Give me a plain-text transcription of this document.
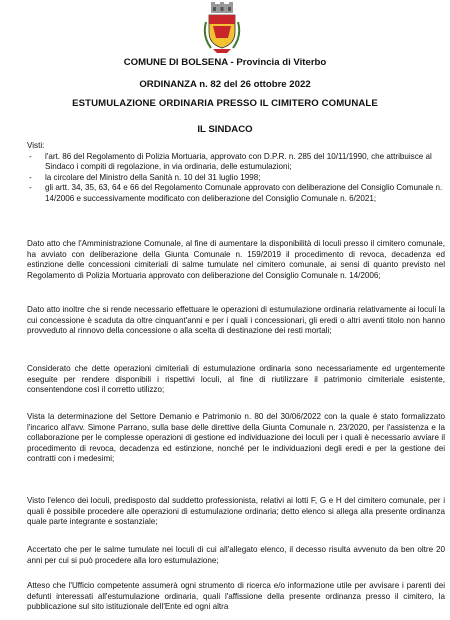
COMUNE DI BOLSENA - Provincia di Viterbo
ORDINANZA n. 82 del 26 ottobre 2022
ESTUMULAZIONE ORDINARIA PRESSO IL CIMITERO COMUNALE
IL SINDACO

Visti:

- l'art. 86 del Regolamento di Polizia Mortuaria, approvato con D.P.R. n. 285 del 10/11/1990, che attribuisce al Sindaco i compiti di regolazione, in via ordinaria, delle estumulazioni;
- la circolare del Ministro della Sanità n. 10 del 31 luglio 1998;
- gli artt. 34, 35, 63, 64 e 66 del Regolamento Comunale approvato con deliberazione del Consiglio Comunale n. 14/2006 e successivamente modificato con deliberazione del Consiglio Comunale n. 6/2021;

Dato atto che l'Amministrazione Comunale, al fine di aumentare la disponibilità di loculi presso il cimitero comunale, ha avviato con deliberazione della Giunta Comunale n. 159/2019 il procedimento di revoca, decadenza ed estinzione delle concessioni cimiteriali di salme tumulate nel cimitero comunale, ai sensi di quanto previsto nel Regolamento di Polizia Mortuaria approvato con deliberazione del Consiglio Comunale n. 14/2006;

Dato atto inoltre che si rende necessario effettuare le operazioni di estumulazione ordinaria relativamente ai loculi la cui concessione è scaduta da oltre cinquant'anni e per i quali i concessionari, gli eredi o altri aventi titolo non hanno provveduto al rinnovo della concessione o alla scelta di destinazione dei resti mortali;

Considerato che dette operazioni cimiteriali di estumulazione ordinaria sono necessariamente ed urgentemente eseguite per rendere disponibili i rispettivi loculi, al fine di riutilizzare il patrimonio cimiteriale esistente, consentendone così il corretto utilizzo;

Vista la determinazione del Settore Demanio e Patrimonio n. 80 del 30/06/2022 con la quale è stato formalizzato l'incarico all'avv. Simone Parrano, sulla base delle direttive della Giunta Comunale n. 23/2020, per l'assistenza e la collaborazione per le complesse operazioni di gestione ed individuazione dei loculi per i quali è necessario avviare il procedimento di revoca, decadenza ed estinzione, nonché per le individuazioni degli eredi e per la gestione dei contratti con i medesimi;

Visto l'elenco dei loculi, predisposto dal suddetto professionista, relativi ai lotti F, G e H del cimitero comunale, per i quali è possibile procedere alle operazioni di estumulazione ordinaria; detto elenco si allega alla presente ordinanza quale parte integrante e sostanziale;

Accertato che per le salme tumulate nei loculi di cui all'allegato elenco, il decesso risulta avvenuto da ben oltre 20 anni per cui si può procedere alla loro estumulazione;

Atteso che l'Ufficio competente assumerà ogni strumento di ricerca e/o informazione utile per avvisare i parenti dei defunti interessati all'estumulazione ordinaria, quali l'affissione della presente ordinanza presso il cimitero, la pubblicazione sul sito istituzionale dell'Ente ed ogni altra
